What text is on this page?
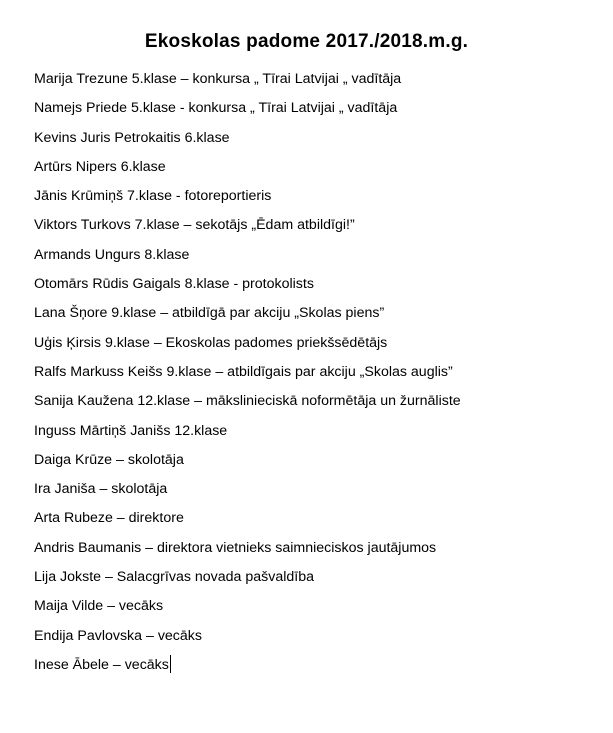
Ekoskolas padome 2017./2018.m.g.
Marija Trezune 5.klase – konkursa „ Tīrai Latvijai „ vadītāja
Namejs Priede 5.klase - konkursa „ Tīrai Latvijai „ vadītāja
Kevins Juris Petrokaitis 6.klase
Artūrs Nipers 6.klase
Jānis Krūmiņš 7.klase - fotoreportieris
Viktors Turkovs 7.klase – sekotājs „Ēdam atbildīgi!”
Armands Ungurs 8.klase
Otomārs Rūdis Gaigals 8.klase - protokolists
Lana Šņore 9.klase – atbildīgā par akciju „Skolas piens”
Uģis Ķirsis 9.klase – Ekoskolas padomes priekšsēdētājs
Ralfs Markuss Keišs 9.klase – atbildīgais par akciju „Skolas auglis”
Sanija Kaužena 12.klase – mākslinieciskā noformētāja un žurnāliste
Inguss Mārtiņš Janišs 12.klase
Daiga Krūze – skolotāja
Ira Janiša – skolotāja
Arta Rubeze – direktore
Andris Baumanis – direktora vietnieks saimnieciskos jautājumos
Lija Jokste – Salacgrīvas novada pašvaldība
Maija Vilde – vecāks
Endija Pavlovska – vecāks
Inese Ābele – vecāks
